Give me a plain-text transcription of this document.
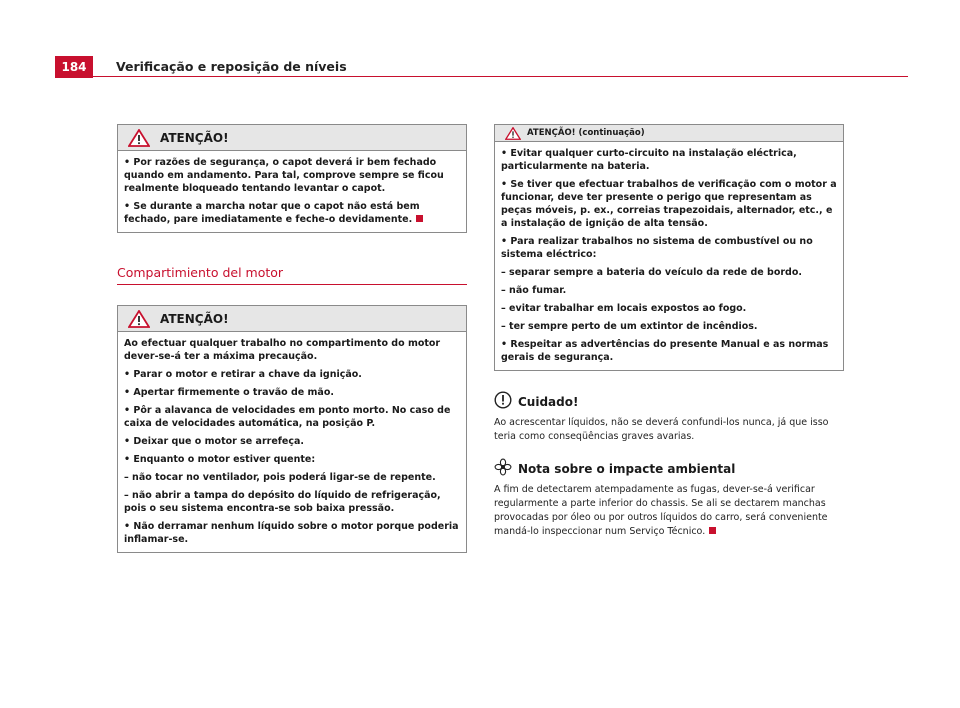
184	Verificação e reposição de níveis
ATENÇÃO!

• Por razões de segurança, o capot deverá ir bem fechado quando em andamento. Para tal, comprove sempre se ficou realmente bloqueado tentando levantar o capot.

• Se durante a marcha notar que o capot não está bem fechado, pare imediatamente e feche-o devidamente.

Compartimiento del motor
ATENÇÃO!

Ao efectuar qualquer trabalho no compartimento do motor dever-se-á ter a máxima precaução.

• Parar o motor e retirar a chave da ignição.

• Apertar firmemente o travão de mão.

• Pôr a alavanca de velocidades em ponto morto. No caso de caixa de velocidades automática, na posição P.

• Deixar que o motor se arrefeça.

• Enquanto o motor estiver quente:

– não tocar no ventilador, pois poderá ligar-se de repente.

– não abrir a tampa do depósito do líquido de refrigeração, pois o seu sistema encontra-se sob baixa pressão.

• Não derramar nenhum líquido sobre o motor porque poderia inflamar-se.

ATENÇÃO! (continuação)

• Evitar qualquer curto-circuito na instalação eléctrica, particularmente na bateria.

• Se tiver que efectuar trabalhos de verificação com o motor a funcionar, deve ter presente o perigo que representam as peças móveis, p. ex., correias trapezoidais, alternador, etc., e a instalação de ignição de alta tensão.

• Para realizar trabalhos no sistema de combustível ou no sistema eléctrico:

– separar sempre a bateria do veículo da rede de bordo.

– não fumar.

– evitar trabalhar em locais expostos ao fogo.

– ter sempre perto de um extintor de incêndios.

• Respeitar as advertências do presente Manual e as normas gerais de segurança.

Cuidado!
Ao acrescentar líquidos, não se deverá confundi-los nunca, já que isso teria como conseqüências graves avarias.
Nota sobre o impacte ambiental
A fim de detectarem atempadamente as fugas, dever-se-á verificar regularmente a parte inferior do chassis. Se ali se dectarem manchas provocadas por óleo ou por outros líquidos do carro, será conveniente mandá-lo inspeccionar num Serviço Técnico.
